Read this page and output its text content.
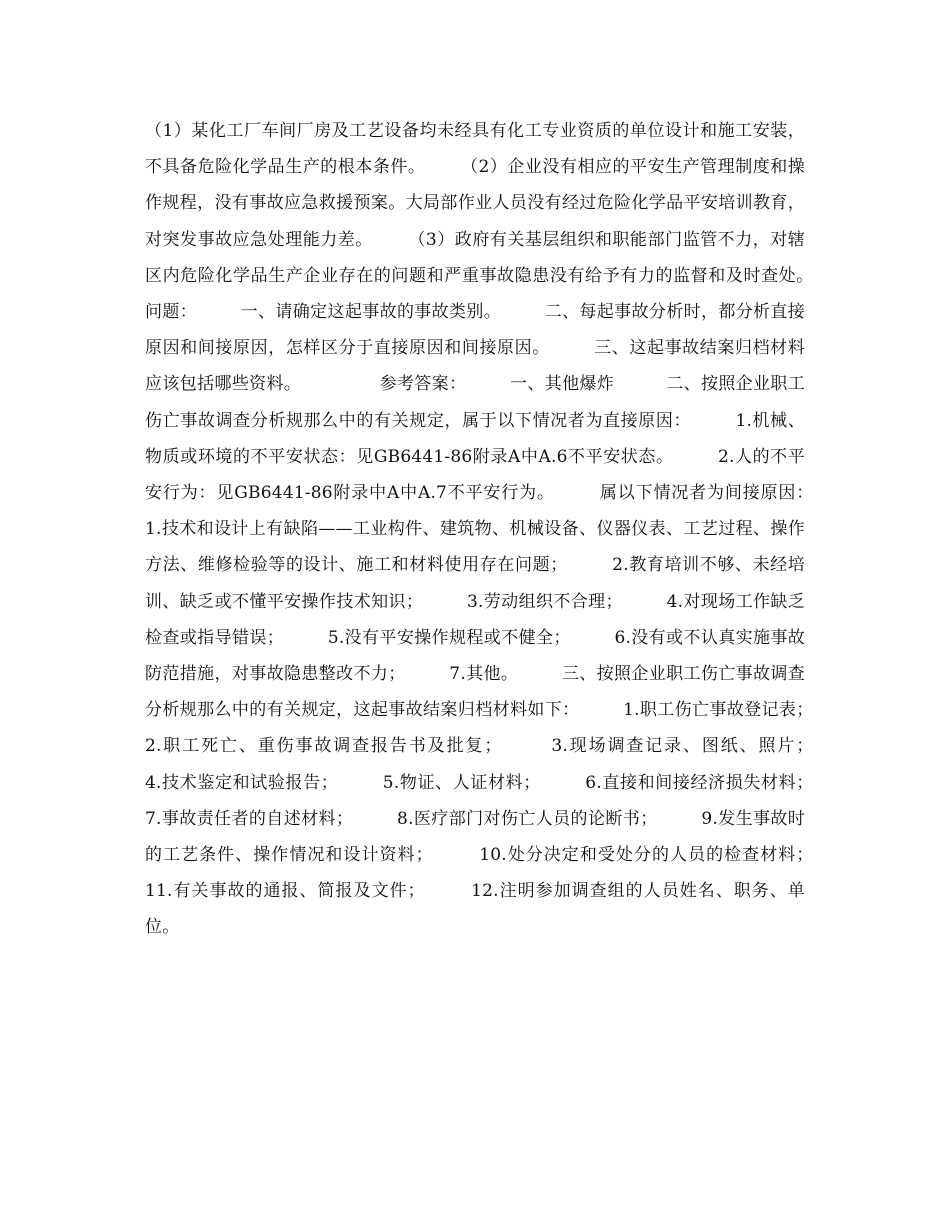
（1）某化工厂车间厂房及工艺设备均未经具有化工专业资质的单位设计和施工安装，不具备危险化学品生产的根本条件。　　　（2）企业没有相应的平安生产管理制度和操作规程，没有事故应急救援预案。大局部作业人员没有经过危险化学品平安培训教育，对突发事故应急处理能力差。　　　（3）政府有关基层组织和职能部门监管不力，对辖区内危险化学品生产企业存在的问题和严重事故隐患没有给予有力的监督和及时查处。　　　　问题：　　　一、请确定这起事故的事故类别。　　　二、每起事故分析时，都分析直接原因和间接原因，怎样区分于直接原因和间接原因。　　　三、这起事故结案归档材料应该包括哪些资料。　　　　　参考答案：　　　一、其他爆炸　　　二、按照企业职工伤亡事故调查分析规那么中的有关规定，属于以下情况者为直接原因：　　　1.机械、物质或环境的不平安状态：见GB6441-86附录A中A.6不平安状态。　　　2.人的不平安行为：见GB6441-86附录中A中A.7不平安行为。　　　属以下情况者为间接原因：　　　1.技术和设计上有缺陷——工业构件、建筑物、机械设备、仪器仪表、工艺过程、操作方法、维修检验等的设计、施工和材料使用存在问题；　　　2.教育培训不够、未经培训、缺乏或不懂平安操作技术知识；　　　3.劳动组织不合理；　　　4.对现场工作缺乏检查或指导错误；　　　5.没有平安操作规程或不健全；　　　6.没有或不认真实施事故防范措施，对事故隐患整改不力；　　　7.其他。　　　三、按照企业职工伤亡事故调查分析规那么中的有关规定，这起事故结案归档材料如下：　　　1.职工伤亡事故登记表；　　　2.职工死亡、重伤事故调查报告书及批复；　　　3.现场调查记录、图纸、照片；　　　4.技术鉴定和试验报告；　　　5.物证、人证材料；　　　6.直接和间接经济损失材料；　　　7.事故责任者的自述材料；　　　8.医疗部门对伤亡人员的论断书；　　　9.发生事故时的工艺条件、操作情况和设计资料；　　　10.处分决定和受处分的人员的检查材料；　　　11.有关事故的通报、简报及文件；　　　12.注明参加调查组的人员姓名、职务、单位。
